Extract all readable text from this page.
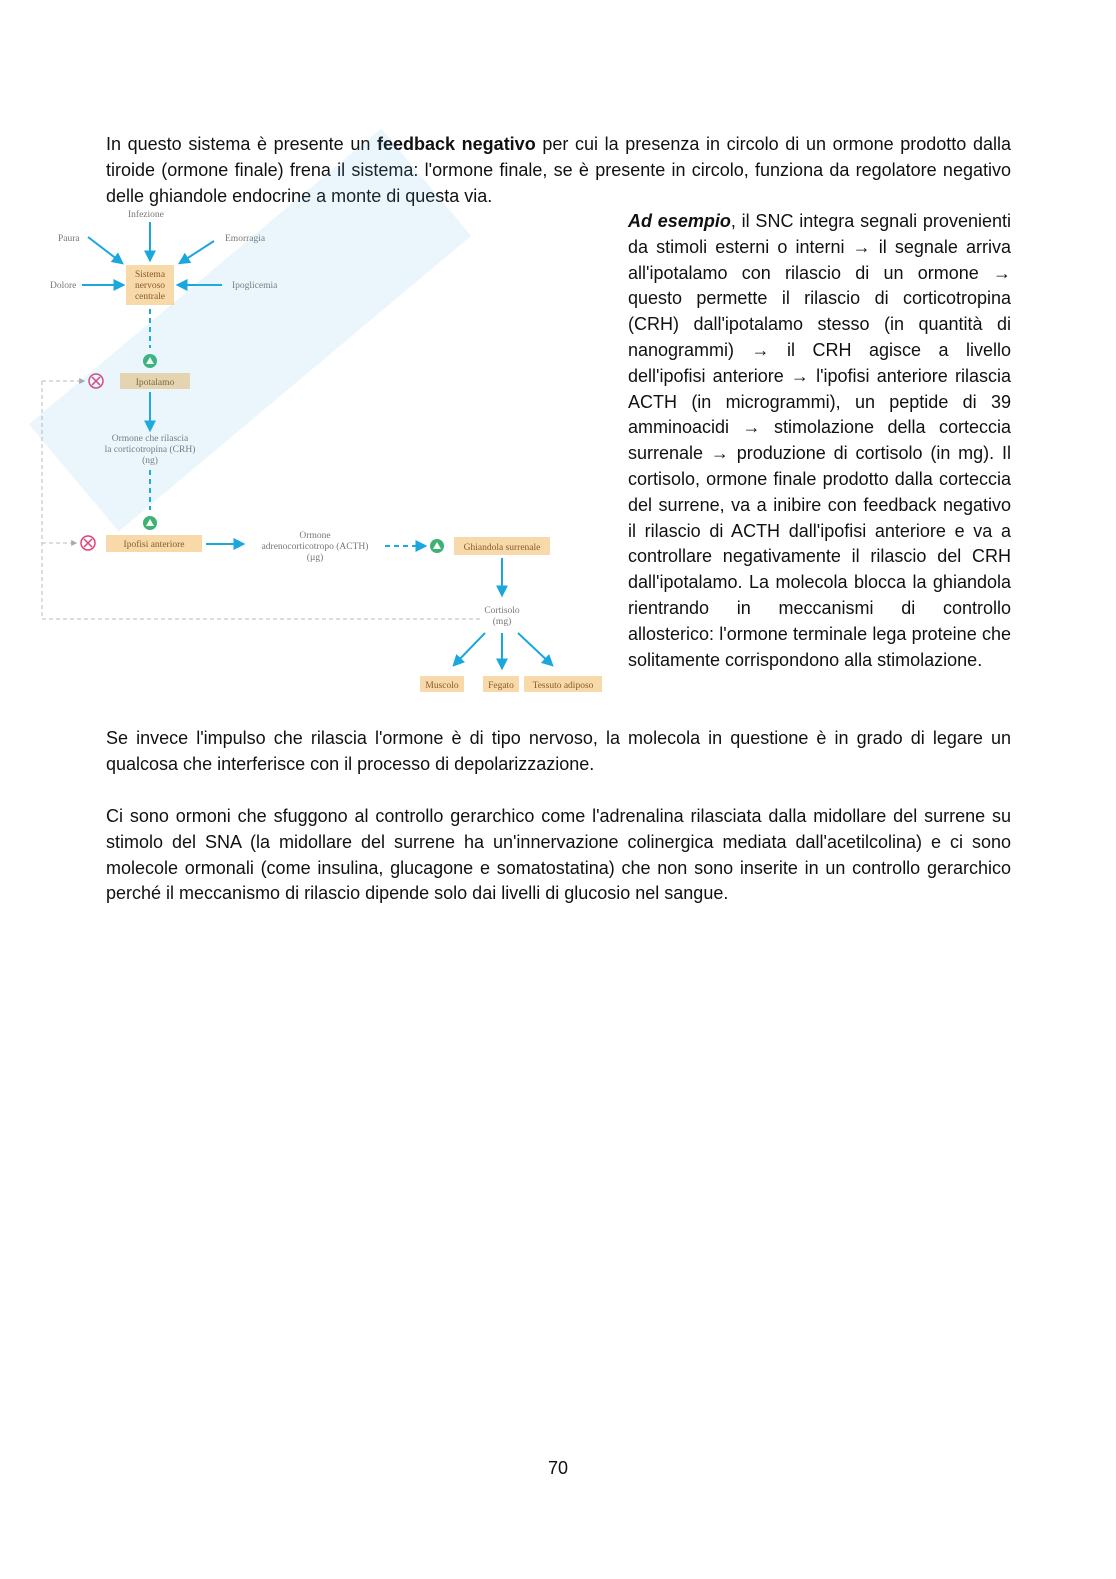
In questo sistema è presente un feedback negativo per cui la presenza in circolo di un ormone prodotto dalla tiroide (ormone finale) frena il sistema: l'ormone finale, se è presente in circolo, funziona da regolatore negativo delle ghiandole endocrine a monte di questa via.
Ad esempio, il SNC integra segnali provenienti da stimoli esterni o interni → il segnale arriva all'ipotalamo con rilascio di un ormone → questo permette il rilascio di corticotropina (CRH) dall'ipotalamo stesso (in quantità di nanogrammi) → il CRH agisce a livello dell'ipofisi anteriore → l'ipofisi anteriore rilascia ACTH (in microgrammi), un peptide di 39 amminoacidi → stimolazione della corteccia surrenale → produzione di cortisolo (in mg). Il cortisolo, ormone finale prodotto dalla corteccia del surrene, va a inibire con feedback negativo il rilascio di ACTH dall'ipofisi anteriore e va a controllare negativamente il rilascio del CRH dall'ipotalamo. La molecola blocca la ghiandola rientrando in meccanismi di controllo allosterico: l'ormone terminale lega proteine che solitamente corrispondono alla stimolazione.
Infezione
Paura	Emorragia
Dolore	Ipoglicemia
Sistema
nervoso
centrale
Ipotalamo
Ormone che rilascia
la corticotropina (CRH)
(ng)
Ipofisi anteriore
Ormone
adrenocorticotropo (ACTH)
(µg)
Ghiandola surrenale
Cortisolo
(mg)
Muscolo	Fegato Tessuto adiposo
Se invece l'impulso che rilascia l'ormone è di tipo nervoso, la molecola in questione è in grado di legare un qualcosa che interferisce con il processo di depolarizzazione.
Ci sono ormoni che sfuggono al controllo gerarchico come l'adrenalina rilasciata dalla midollare del surrene su stimolo del SNA (la midollare del surrene ha un'innervazione colinergica mediata dall'acetilcolina) e ci sono molecole ormonali (come insulina, glucagone e somatostatina) che non sono inserite in un controllo gerarchico perché il meccanismo di rilascio dipende solo dai livelli di glucosio nel sangue.
70
